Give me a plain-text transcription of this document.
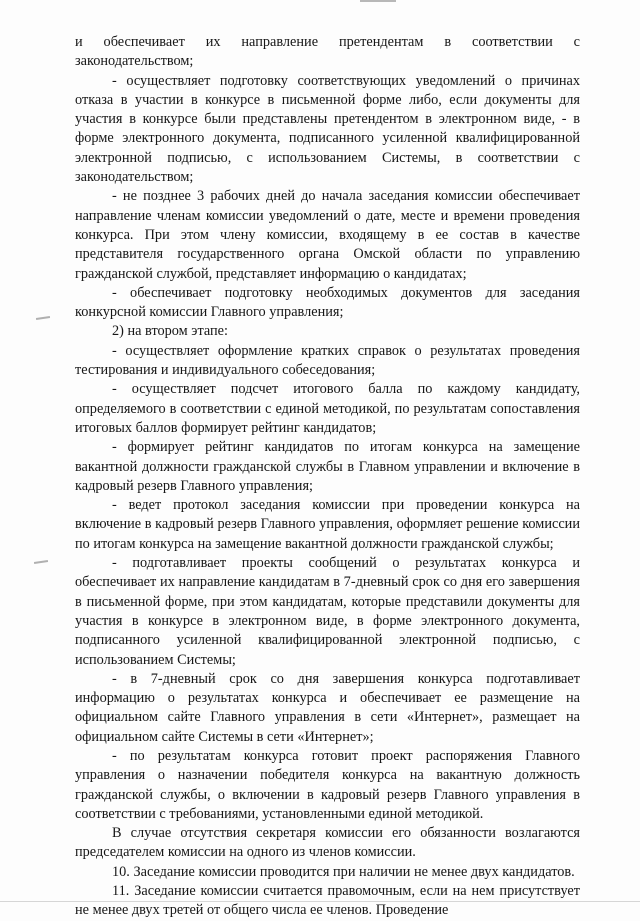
и обеспечивает их направление претендентам в соответствии с законодательством;

- осуществляет подготовку соответствующих уведомлений о причинах отказа в участии в конкурсе в письменной форме либо, если документы для участия в конкурсе были представлены претендентом в электронном виде, - в форме электронного документа, подписанного усиленной квалифицированной электронной подписью, с использованием Системы, в соответствии с законодательством;

- не позднее 3 рабочих дней до начала заседания комиссии обеспечивает направление членам комиссии уведомлений о дате, месте и времени проведения конкурса. При этом члену комиссии, входящему в ее состав в качестве представителя государственного органа Омской области по управлению гражданской службой, представляет информацию о кандидатах;

- обеспечивает подготовку необходимых документов для заседания конкурсной комиссии Главного управления;

2) на втором этапе:

- осуществляет оформление кратких справок о результатах проведения тестирования и индивидуального собеседования;

- осуществляет подсчет итогового балла по каждому кандидату, определяемого в соответствии с единой методикой, по результатам сопоставления итоговых баллов формирует рейтинг кандидатов;

- формирует рейтинг кандидатов по итогам конкурса на замещение вакантной должности гражданской службы в Главном управлении и включение в кадровый резерв Главного управления;

- ведет протокол заседания комиссии при проведении конкурса на включение в кадровый резерв Главного управления, оформляет решение комиссии по итогам конкурса на замещение вакантной должности гражданской службы;

- подготавливает проекты сообщений о результатах конкурса и обеспечивает их направление кандидатам в 7-дневный срок со дня его завершения в письменной форме, при этом кандидатам, которые представили документы для участия в конкурсе в электронном виде, в форме электронного документа, подписанного усиленной квалифицированной электронной подписью, с использованием Системы;

- в 7-дневный срок со дня завершения конкурса подготавливает информацию о результатах конкурса и обеспечивает ее размещение на официальном сайте Главного управления в сети «Интернет», размещает на официальном сайте Системы в сети «Интернет»;

- по результатам конкурса готовит проект распоряжения Главного управления о назначении победителя конкурса на вакантную должность гражданской службы, о включении в кадровый резерв Главного управления в соответствии с требованиями, установленными единой методикой.

В случае отсутствия секретаря комиссии его обязанности возлагаются председателем комиссии на одного из членов комиссии.

10. Заседание комиссии проводится при наличии не менее двух кандидатов.

11. Заседание комиссии считается правомочным, если на нем присутствует не менее двух третей от общего числа ее членов. Проведение
